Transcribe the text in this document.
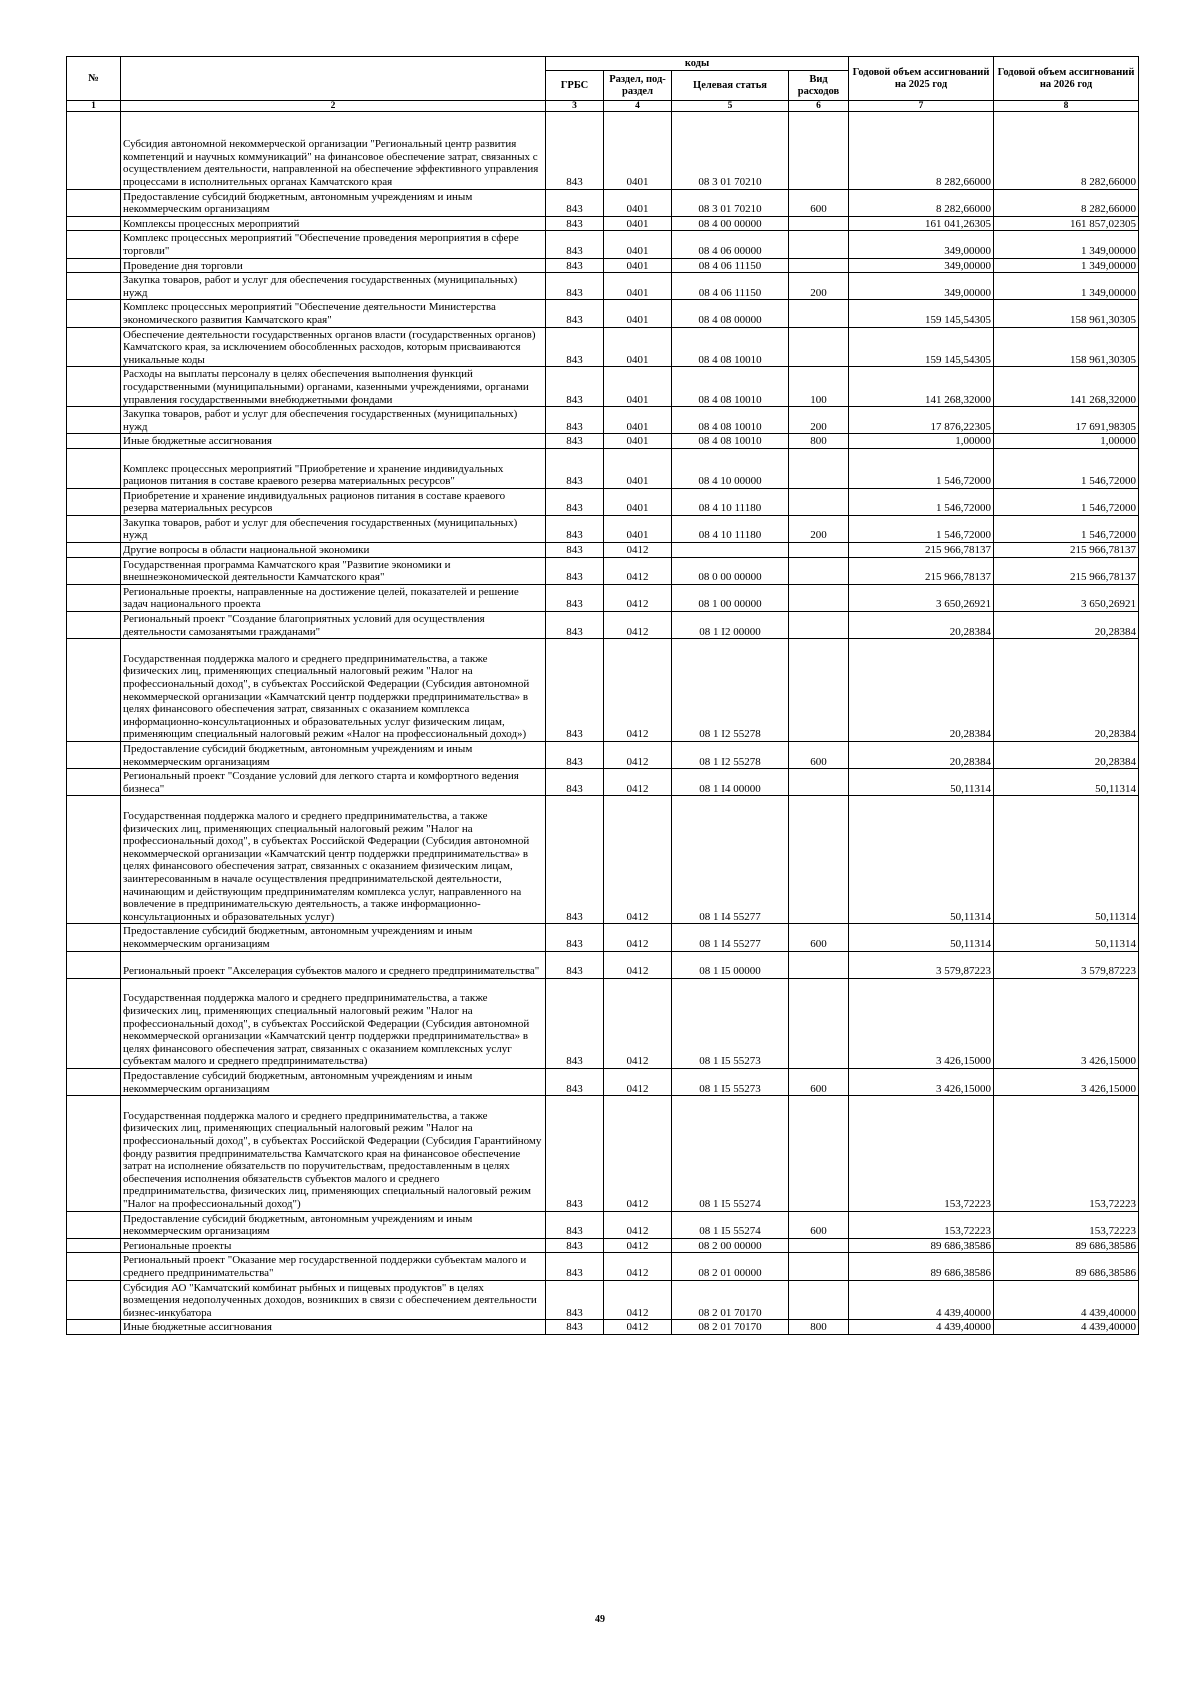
№		коды				Годовой объем ассигнований на 2025 год	Годовой объем ассигнований на 2026 год
		ГРБС	Раздел, под-раздел	Целевая статья	Вид расходов		
1	2	3	4	5	6	7	8
	Субсидия автономной некоммерческой организации "Региональный центр развития компетенций и научных коммуникаций" на финансовое обеспечение затрат, связанных с осуществлением деятельности, направленной на обеспечение эффективного управления процессами в исполнительных органах Камчатского края	843	0401	08 3 01 70210		8 282,66000	8 282,66000
	Предоставление субсидий бюджетным, автономным учреждениям и иным некоммерческим организациям	843	0401	08 3 01 70210	600	8 282,66000	8 282,66000
	Комплексы процессных мероприятий	843	0401	08 4 00 00000		161 041,26305	161 857,02305
	Комплекс процессных мероприятий "Обеспечение проведения мероприятия в сфере торговли"	843	0401	08 4 06 00000		349,00000	1 349,00000
	Проведение дня торговли	843	0401	08 4 06 11150		349,00000	1 349,00000
	Закупка товаров, работ и услуг для обеспечения государственных (муниципальных) нужд	843	0401	08 4 06 11150	200	349,00000	1 349,00000
	Комплекс процессных мероприятий "Обеспечение деятельности Министерства экономического развития Камчатского края"	843	0401	08 4 08 00000		159 145,54305	158 961,30305
	Обеспечение деятельности государственных органов власти (государственных органов) Камчатского края, за исключением обособленных расходов, которым присваиваются уникальные коды	843	0401	08 4 08 10010		159 145,54305	158 961,30305
	Расходы на выплаты персоналу в целях обеспечения выполнения функций государственными (муниципальными) органами, казенными учреждениями, органами управления государственными внебюджетными фондами	843	0401	08 4 08 10010	100	141 268,32000	141 268,32000
	Закупка товаров, работ и услуг для обеспечения государственных (муниципальных) нужд	843	0401	08 4 08 10010	200	17 876,22305	17 691,98305
	Иные бюджетные ассигнования	843	0401	08 4 08 10010	800	1,00000	1,00000
	Комплекс процессных мероприятий "Приобретение и хранение индивидуальных рационов питания в составе краевого резерва материальных ресурсов"	843	0401	08 4 10 00000		1 546,72000	1 546,72000
	Приобретение и хранение индивидуальных рационов питания в составе краевого резерва материальных ресурсов	843	0401	08 4 10 11180		1 546,72000	1 546,72000
	Закупка товаров, работ и услуг для обеспечения государственных (муниципальных) нужд	843	0401	08 4 10 11180	200	1 546,72000	1 546,72000
	Другие вопросы в области национальной экономики	843	0412			215 966,78137	215 966,78137
	Государственная программа Камчатского края "Развитие экономики и внешнеэкономической деятельности Камчатского края"	843	0412	08 0 00 00000		215 966,78137	215 966,78137
	Региональные проекты, направленные на достижение целей, показателей и решение задач национального проекта	843	0412	08 1 00 00000		3 650,26921	3 650,26921
	Региональный проект "Создание благоприятных условий для осуществления деятельности самозанятыми гражданами"	843	0412	08 1 I2 00000		20,28384	20,28384
	Государственная поддержка малого и среднего предпринимательства, а также физических лиц, применяющих специальный налоговый режим "Налог на профессиональный доход", в субъектах Российской Федерации (Субсидия автономной некоммерческой организации «Камчатский центр поддержки предпринимательства» в целях финансового обеспечения затрат, связанных с оказанием комплекса информационно-консультационных и образовательных услуг физическим лицам, применяющим специальный налоговый режим «Налог на профессиональный доход»)	843	0412	08 1 I2 55278		20,28384	20,28384
	Предоставление субсидий бюджетным, автономным учреждениям и иным некоммерческим организациям	843	0412	08 1 I2 55278	600	20,28384	20,28384
	Региональный проект "Создание условий для легкого старта и комфортного ведения бизнеса"	843	0412	08 1 I4 00000		50,11314	50,11314
	Государственная поддержка малого и среднего предпринимательства, а также физических лиц, применяющих специальный налоговый режим "Налог на профессиональный доход", в субъектах Российской Федерации (Субсидия автономной некоммерческой организации «Камчатский центр поддержки предпринимательства» в целях финансового обеспечения затрат, связанных с оказанием физическим лицам, заинтересованным в начале осуществления предпринимательской деятельности, начинающим и действующим предпринимателям комплекса услуг, направленного на вовлечение в предпринимательскую деятельность, а также информационно-консультационных и образовательных услуг)	843	0412	08 1 I4 55277		50,11314	50,11314
	Предоставление субсидий бюджетным, автономным учреждениям и иным некоммерческим организациям	843	0412	08 1 I4 55277	600	50,11314	50,11314
	Региональный проект "Акселерация субъектов малого и среднего предпринимательства"	843	0412	08 1 I5 00000		3 579,87223	3 579,87223
	Государственная поддержка малого и среднего предпринимательства, а также физических лиц, применяющих специальный налоговый режим "Налог на профессиональный доход", в субъектах Российской Федерации (Субсидия автономной некоммерческой организации «Камчатский центр поддержки предпринимательства» в целях финансового обеспечения затрат, связанных с оказанием комплексных услуг субъектам малого и среднего предпринимательства)	843	0412	08 1 I5 55273		3 426,15000	3 426,15000
	Предоставление субсидий бюджетным, автономным учреждениям и иным некоммерческим организациям	843	0412	08 1 I5 55273	600	3 426,15000	3 426,15000
	Государственная поддержка малого и среднего предпринимательства, а также физических лиц, применяющих специальный налоговый режим "Налог на профессиональный доход", в субъектах Российской Федерации (Субсидия Гарантийному фонду развития предпринимательства Камчатского края на финансовое обеспечение затрат на исполнение обязательств по поручительствам, предоставленным в целях обеспечения исполнения обязательств субъектов малого и среднего предпринимательства, физических лиц, применяющих специальный налоговый режим "Налог на профессиональный доход")	843	0412	08 1 I5 55274		153,72223	153,72223
	Предоставление субсидий бюджетным, автономным учреждениям и иным некоммерческим организациям	843	0412	08 1 I5 55274	600	153,72223	153,72223
	Региональные проекты	843	0412	08 2 00 00000		89 686,38586	89 686,38586
	Региональный проект "Оказание мер государственной поддержки субъектам малого и среднего предпринимательства"	843	0412	08 2 01 00000		89 686,38586	89 686,38586
	Субсидия АО "Камчатский комбинат рыбных и пищевых продуктов" в целях возмещения недополученных доходов, возникших в связи с обеспечением деятельности бизнес-инкубатора	843	0412	08 2 01 70170		4 439,40000	4 439,40000
	Иные бюджетные ассигнования	843	0412	08 2 01 70170	800	4 439,40000	4 439,40000
49
